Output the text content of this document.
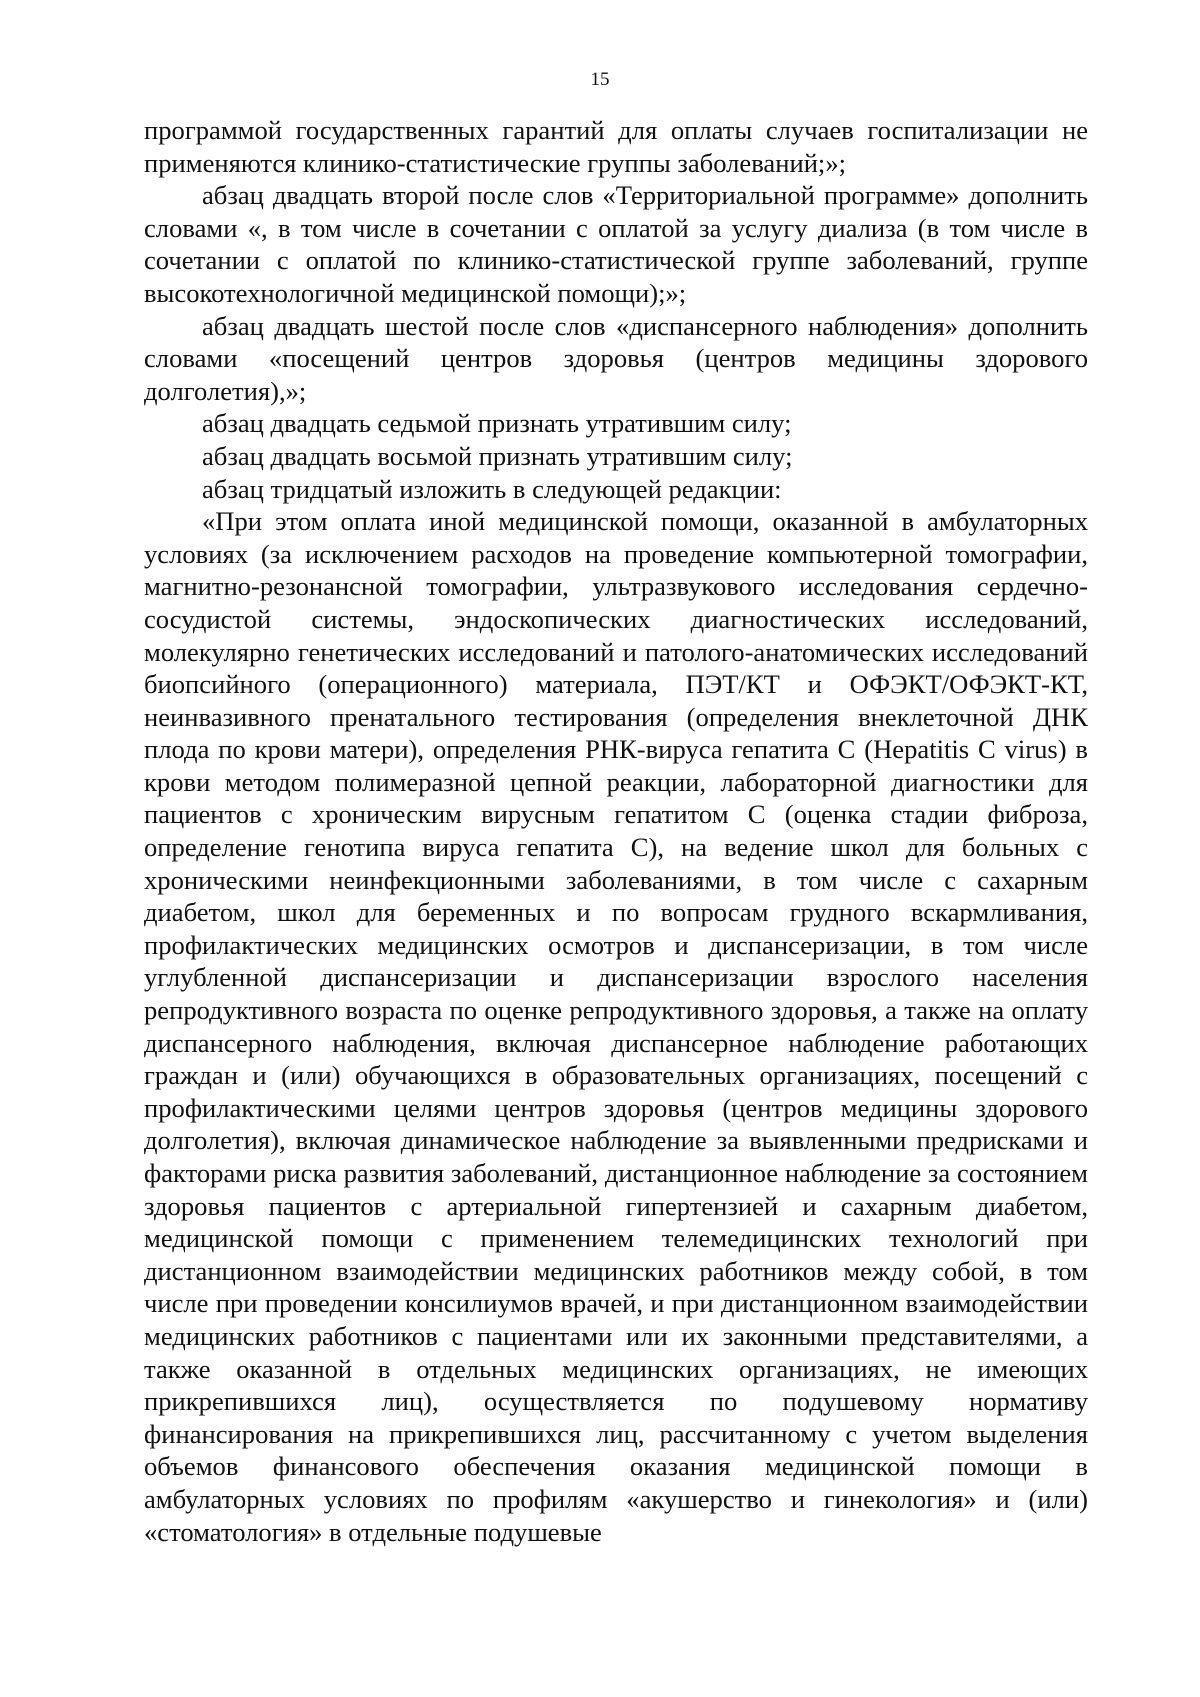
15

программой государственных гарантий для оплаты случаев госпитализации не применяются клинико-статистические группы заболеваний;»;

абзац двадцать второй после слов «Территориальной программе» дополнить словами «, в том числе в сочетании с оплатой за услугу диализа (в том числе в сочетании с оплатой по клинико-статистической группе заболеваний, группе высокотехнологичной медицинской помощи);»;

абзац двадцать шестой после слов «диспансерного наблюдения» дополнить словами «посещений центров здоровья (центров медицины здорового долголетия),»;

абзац двадцать седьмой признать утратившим силу;

абзац двадцать восьмой признать утратившим силу;

абзац тридцатый изложить в следующей редакции:

«При этом оплата иной медицинской помощи, оказанной в амбулаторных условиях (за исключением расходов на проведение компьютерной томографии, магнитно-резонансной томографии, ультразвукового исследования сердечно-сосудистой системы, эндоскопических диагностических исследований, молекулярно генетических исследований и патолого-анатомических исследований биопсийного (операционного) материала, ПЭТ/КТ и ОФЭКТ/ОФЭКТ-КТ, неинвазивного пренатального тестирования (определения внеклеточной ДНК плода по крови матери), определения РНК-вируса гепатита С (Hepatitis C virus) в крови методом полимеразной цепной реакции, лабораторной диагностики для пациентов с хроническим вирусным гепатитом С (оценка стадии фиброза, определение генотипа вируса гепатита С), на ведение школ для больных с хроническими неинфекционными заболеваниями, в том числе с сахарным диабетом, школ для беременных и по вопросам грудного вскармливания, профилактических медицинских осмотров и диспансеризации, в том числе углубленной диспансеризации и диспансеризации взрослого населения репродуктивного возраста по оценке репродуктивного здоровья, а также на оплату диспансерного наблюдения, включая диспансерное наблюдение работающих граждан и (или) обучающихся в образовательных организациях, посещений с профилактическими целями центров здоровья (центров медицины здорового долголетия), включая динамическое наблюдение за выявленными предрисками и факторами риска развития заболеваний, дистанционное наблюдение за состоянием здоровья пациентов с артериальной гипертензией и сахарным диабетом, медицинской помощи с применением телемедицинских технологий при дистанционном взаимодействии медицинских работников между собой, в том числе при проведении консилиумов врачей, и при дистанционном взаимодействии медицинских работников с пациентами или их законными представителями, а также оказанной в отдельных медицинских организациях, не имеющих прикрепившихся лиц), осуществляется по подушевому нормативу финансирования на прикрепившихся лиц, рассчитанному с учетом выделения объемов финансового обеспечения оказания медицинской помощи в амбулаторных условиях по профилям «акушерство и гинекология» и (или) «стоматология» в отдельные подушевые
